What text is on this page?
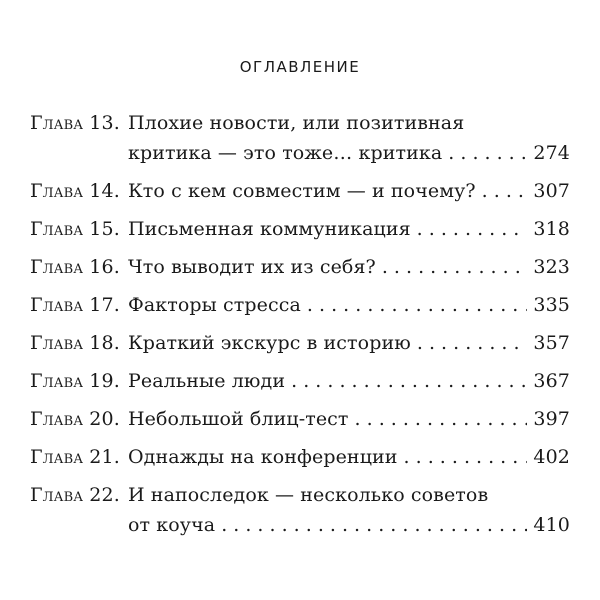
ОГЛАВЛЕНИЕ
Глава 13. Плохие новости, или позитивная
критика — это тоже… критика . . .	274
Глава 14. Кто с кем совместим — и почему? . . .	307
Глава 15. Письменная коммуникация . . .	318
Глава 16. Что выводит их из себя? . . .	323
Глава 17. Факторы стресса . . .	335
Глава 18. Краткий экскурс в историю . . .	357
Глава 19. Реальные люди . . .	367
Глава 20. Небольшой блиц-тест . . .	397
Глава 21. Однажды на конференции . . .	402
Глава 22. И напоследок — несколько советов
от коуча . . .	410
